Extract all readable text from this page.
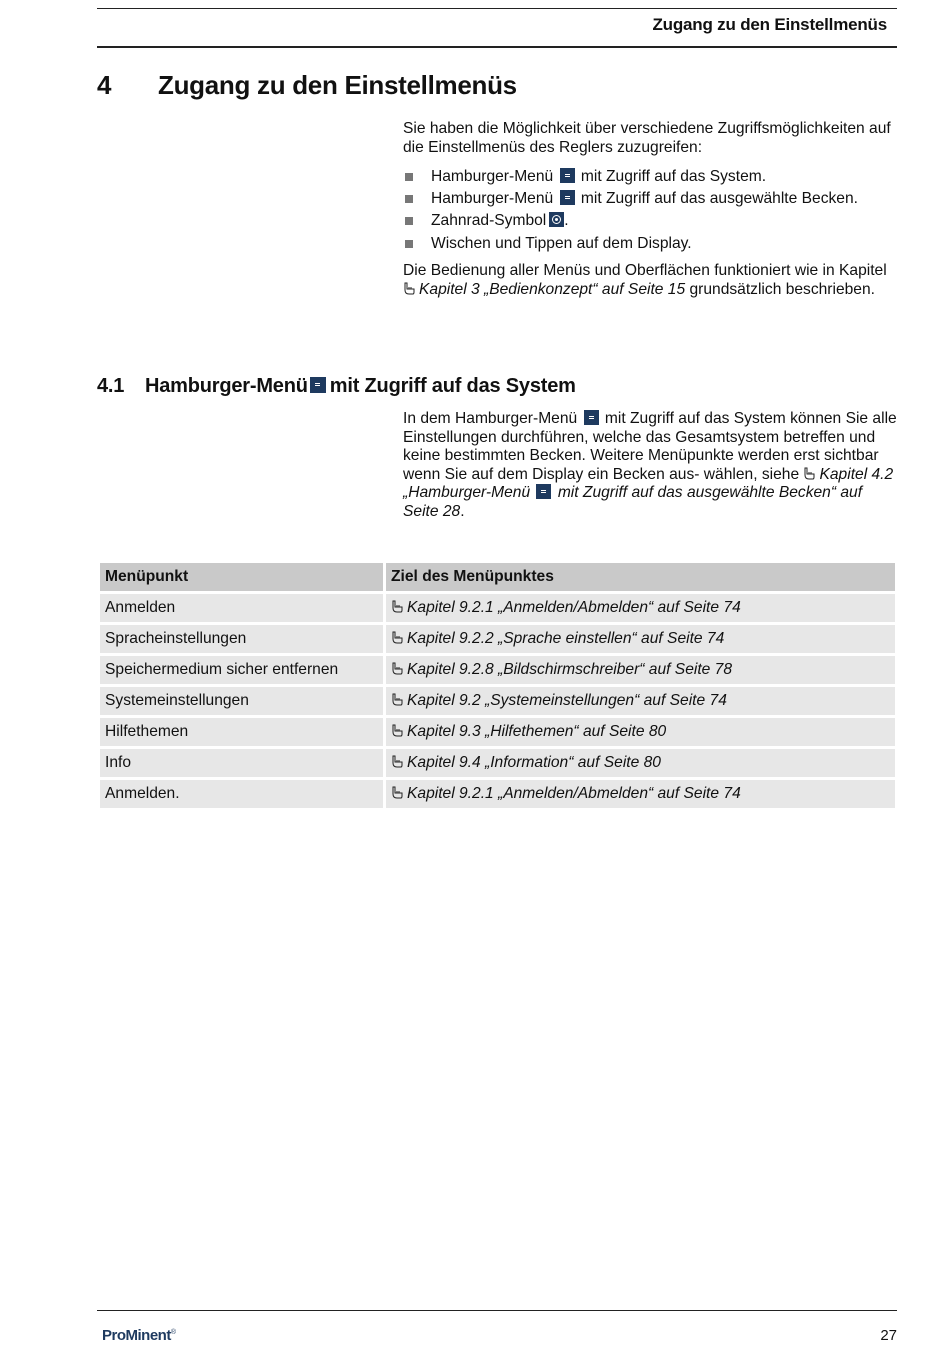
Zugang zu den Einstellmenüs
4 Zugang zu den Einstellmenüs

Sie haben die Möglichkeit über verschiedene Zugriffsmöglichkeiten auf die Einstellmenüs des Reglers zuzugreifen:

Hamburger-Menü mit Zugriff auf das System.
Hamburger-Menü mit Zugriff auf das ausgewählte Becken.
Zahnrad-Symbol .
Wischen und Tippen auf dem Display.

Die Bedienung aller Menüs und Oberflächen funktioniert wie in Kapitel
Kapitel 3 „Bedienkonzept“ auf Seite 15 grundsätzlich beschrieben.

4.1 Hamburger-Menü mit Zugriff auf das System

In dem Hamburger-Menü mit Zugriff auf das System können Sie alle Einstellungen durchführen, welche das Gesamtsystem betreffen und keine bestimmten Becken. Weitere Menüpunkte werden erst sichtbar wenn Sie auf dem Display ein Becken aus- wählen, siehe Kapitel 4.2 „Hamburger-Menü mit Zugriff auf das ausgewählte Becken“ auf Seite 28.

Menüpunkt	Ziel des Menüpunktes
Anmelden	Kapitel 9.2.1 „Anmelden/Abmelden“ auf Seite 74
Spracheinstellungen	Kapitel 9.2.2 „Sprache einstellen“ auf Seite 74
Speichermedium sicher entfernen	Kapitel 9.2.8 „Bildschirmschreiber“ auf Seite 78
Systemeinstellungen	Kapitel 9.2 „Systemeinstellungen“ auf Seite 74
Hilfethemen	Kapitel 9.3 „Hilfethemen“ auf Seite 80
Info	Kapitel 9.4 „Information“ auf Seite 80
Anmelden.	Kapitel 9.2.1 „Anmelden/Abmelden“ auf Seite 74
ProMinent®	27
